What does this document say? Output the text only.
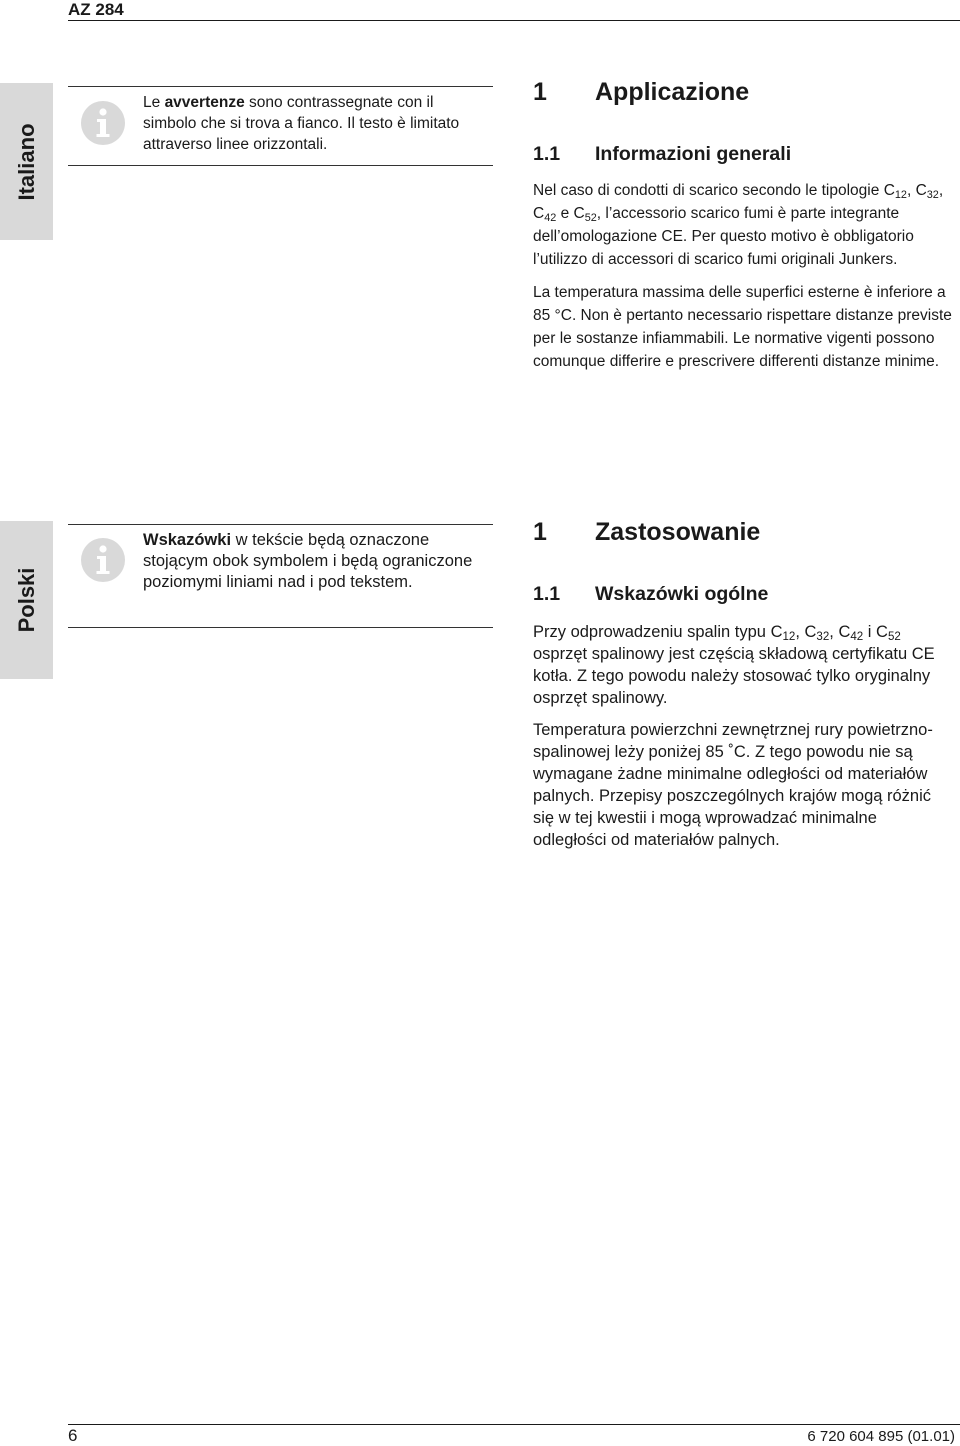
AZ 284
Italiano
Le avvertenze sono contrassegnate con il simbolo che si trova a fianco. Il testo è limitato attraverso linee orizzontali.
1 Applicazione
1.1 Informazioni generali

Nel caso di condotti di scarico secondo le tipologie $C_{12}$, $C_{32}$, $C_{42}$ e $C_{52}$, l’accessorio scarico fumi è parte integrante dell’omologazione CE. Per questo motivo è obbligatorio l’utilizzo di accessori di scarico fumi originali Junkers.

La temperatura massima delle superfici esterne è inferiore a 85 °C. Non è pertanto necessario rispettare distanze previste per le sostanze infiammabili. Le normative vigenti possono comunque differire e prescrivere differenti distanze minime.

Polski
Wskazówki w tekście będą oznaczone stojącym obok symbolem i będą ograniczone poziomymi liniami nad i pod tekstem.
1 Zastosowanie
1.1 Wskazówki ogólne

Przy odprowadzeniu spalin typu $C_{12}$, $C_{32}$, $C_{42}$ i $C_{52}$ osprzęt spalinowy jest częścią składową certyfikatu CE kotła. Z tego powodu należy stosować tylko oryginalny osprzęt spalinowy.

Temperatura powierzchni zewnętrznej rury powietrzno-spalinowej leży poniżej 85 ˚C. Z tego powodu nie są wymagane żadne minimalne odległości od materiałów palnych. Przepisy poszczególnych krajów mogą różnić się w tej kwestii i mogą wprowadzać minimalne odległości od materiałów palnych.

6	6 720 604 895 (01.01)
